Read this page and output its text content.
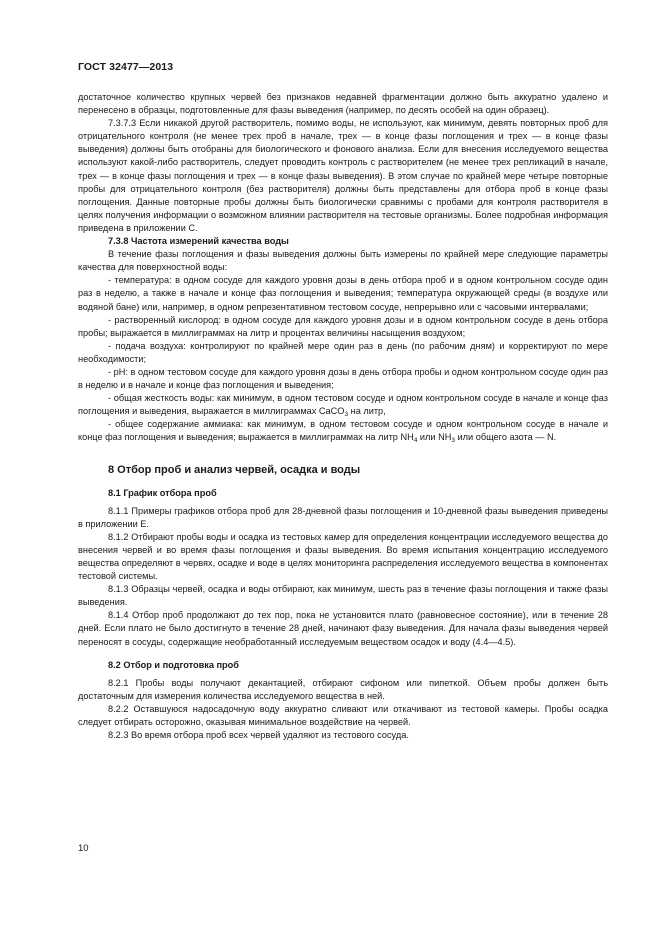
ГОСТ 32477—2013

достаточное количество крупных червей без признаков недавней фрагментации должно быть аккуратно удалено и перенесено в образцы, подготовленные для фазы выведения (например, по десять особей на один образец).

7.3.7.3 Если никакой другой растворитель, помимо воды, не используют, как минимум, девять повторных проб для отрицательного контроля (не менее трех проб в начале, трех — в конце фазы поглощения и трех — в конце фазы выведения) должны быть отобраны для биологического и фонового анализа. Если для внесения исследуемого вещества используют какой-либо растворитель, следует проводить контроль с растворителем (не менее трех репликаций в начале, трех — в конце фазы поглощения и трех — в конце фазы выведения). В этом случае по крайней мере четыре повторные пробы для отрицательного контроля (без растворителя) должны быть представлены для отбора проб в конце фазы поглощения. Данные повторные пробы должны быть биологически сравнимы с пробами для контроля растворителя в целях получения информации о возможном влиянии растворителя на тестовые организмы. Более подробная информация приведена в приложении С.

7.3.8 Частота измерений качества воды

В течение фазы поглощения и фазы выведения должны быть измерены по крайней мере следующие параметры качества для поверхностной воды:

- температура: в одном сосуде для каждого уровня дозы в день отбора проб и в одном контрольном сосуде один раз в неделю, а также в начале и конце фаз поглощения и выведения; температура окружающей среды (в воздухе или водяной бане) или, например, в одном репрезентативном тестовом сосуде, непрерывно или с часовыми интервалами;

- растворенный кислород: в одном сосуде для каждого уровня дозы и в одном контрольном сосуде в день отбора пробы; выражается в миллиграммах на литр и процентах величины насыщения воздухом;

- подача воздуха: контролируют по крайней мере один раз в день (по рабочим дням) и корректируют по мере необходимости;

- pH: в одном тестовом сосуде для каждого уровня дозы в день отбора пробы и одном контрольном сосуде один раз в неделю и в начале и конце фаз поглощения и выведения;

- общая жесткость воды: как минимум, в одном тестовом сосуде и одном контрольном сосуде в начале и конце фаз поглощения и выведения, выражается в миллиграммах CaCO$_3$ на литр,

- общее содержание аммиака: как минимум, в одном тестовом сосуде и одном контрольном сосуде в начале и конце фаз поглощения и выведения; выражается в миллиграммах на литр $NH_4$ или $NH_3$ или общего азота — N.

8 Отбор проб и анализ червей, осадка и воды
8.1 График отбора проб

8.1.1 Примеры графиков отбора проб для 28-дневной фазы поглощения и 10-дневной фазы выведения приведены в приложении Е.

8.1.2 Отбирают пробы воды и осадка из тестовых камер для определения концентрации исследуемого вещества до внесения червей и во время фазы поглощения и фазы выведения. Во время испытания концентрацию исследуемого вещества определяют в червях, осадке и воде в целях мониторинга распределения исследуемого вещества в компонентах тестовой системы.

8.1.3 Образцы червей, осадка и воды отбирают, как минимум, шесть раз в течение фазы поглощения и также фазы выведения.

8.1.4 Отбор проб продолжают до тех пор, пока не установится плато (равновесное состояние), или в течение 28 дней. Если плато не было достигнуто в течение 28 дней, начинают фазу выведения. Для начала фазы выведения червей переносят в сосуды, содержащие необработанный исследуемым веществом осадок и воду (4.4—4.5).

8.2 Отбор и подготовка проб

8.2.1 Пробы воды получают декантацией, отбирают сифоном или пипеткой. Объем пробы должен быть достаточным для измерения количества исследуемого вещества в ней.

8.2.2 Оставшуюся надосадочную воду аккуратно сливают или откачивают из тестовой камеры. Пробы осадка следует отбирать осторожно, оказывая минимальное воздействие на червей.

8.2.3 Во время отбора проб всех червей удаляют из тестового сосуда.

10
